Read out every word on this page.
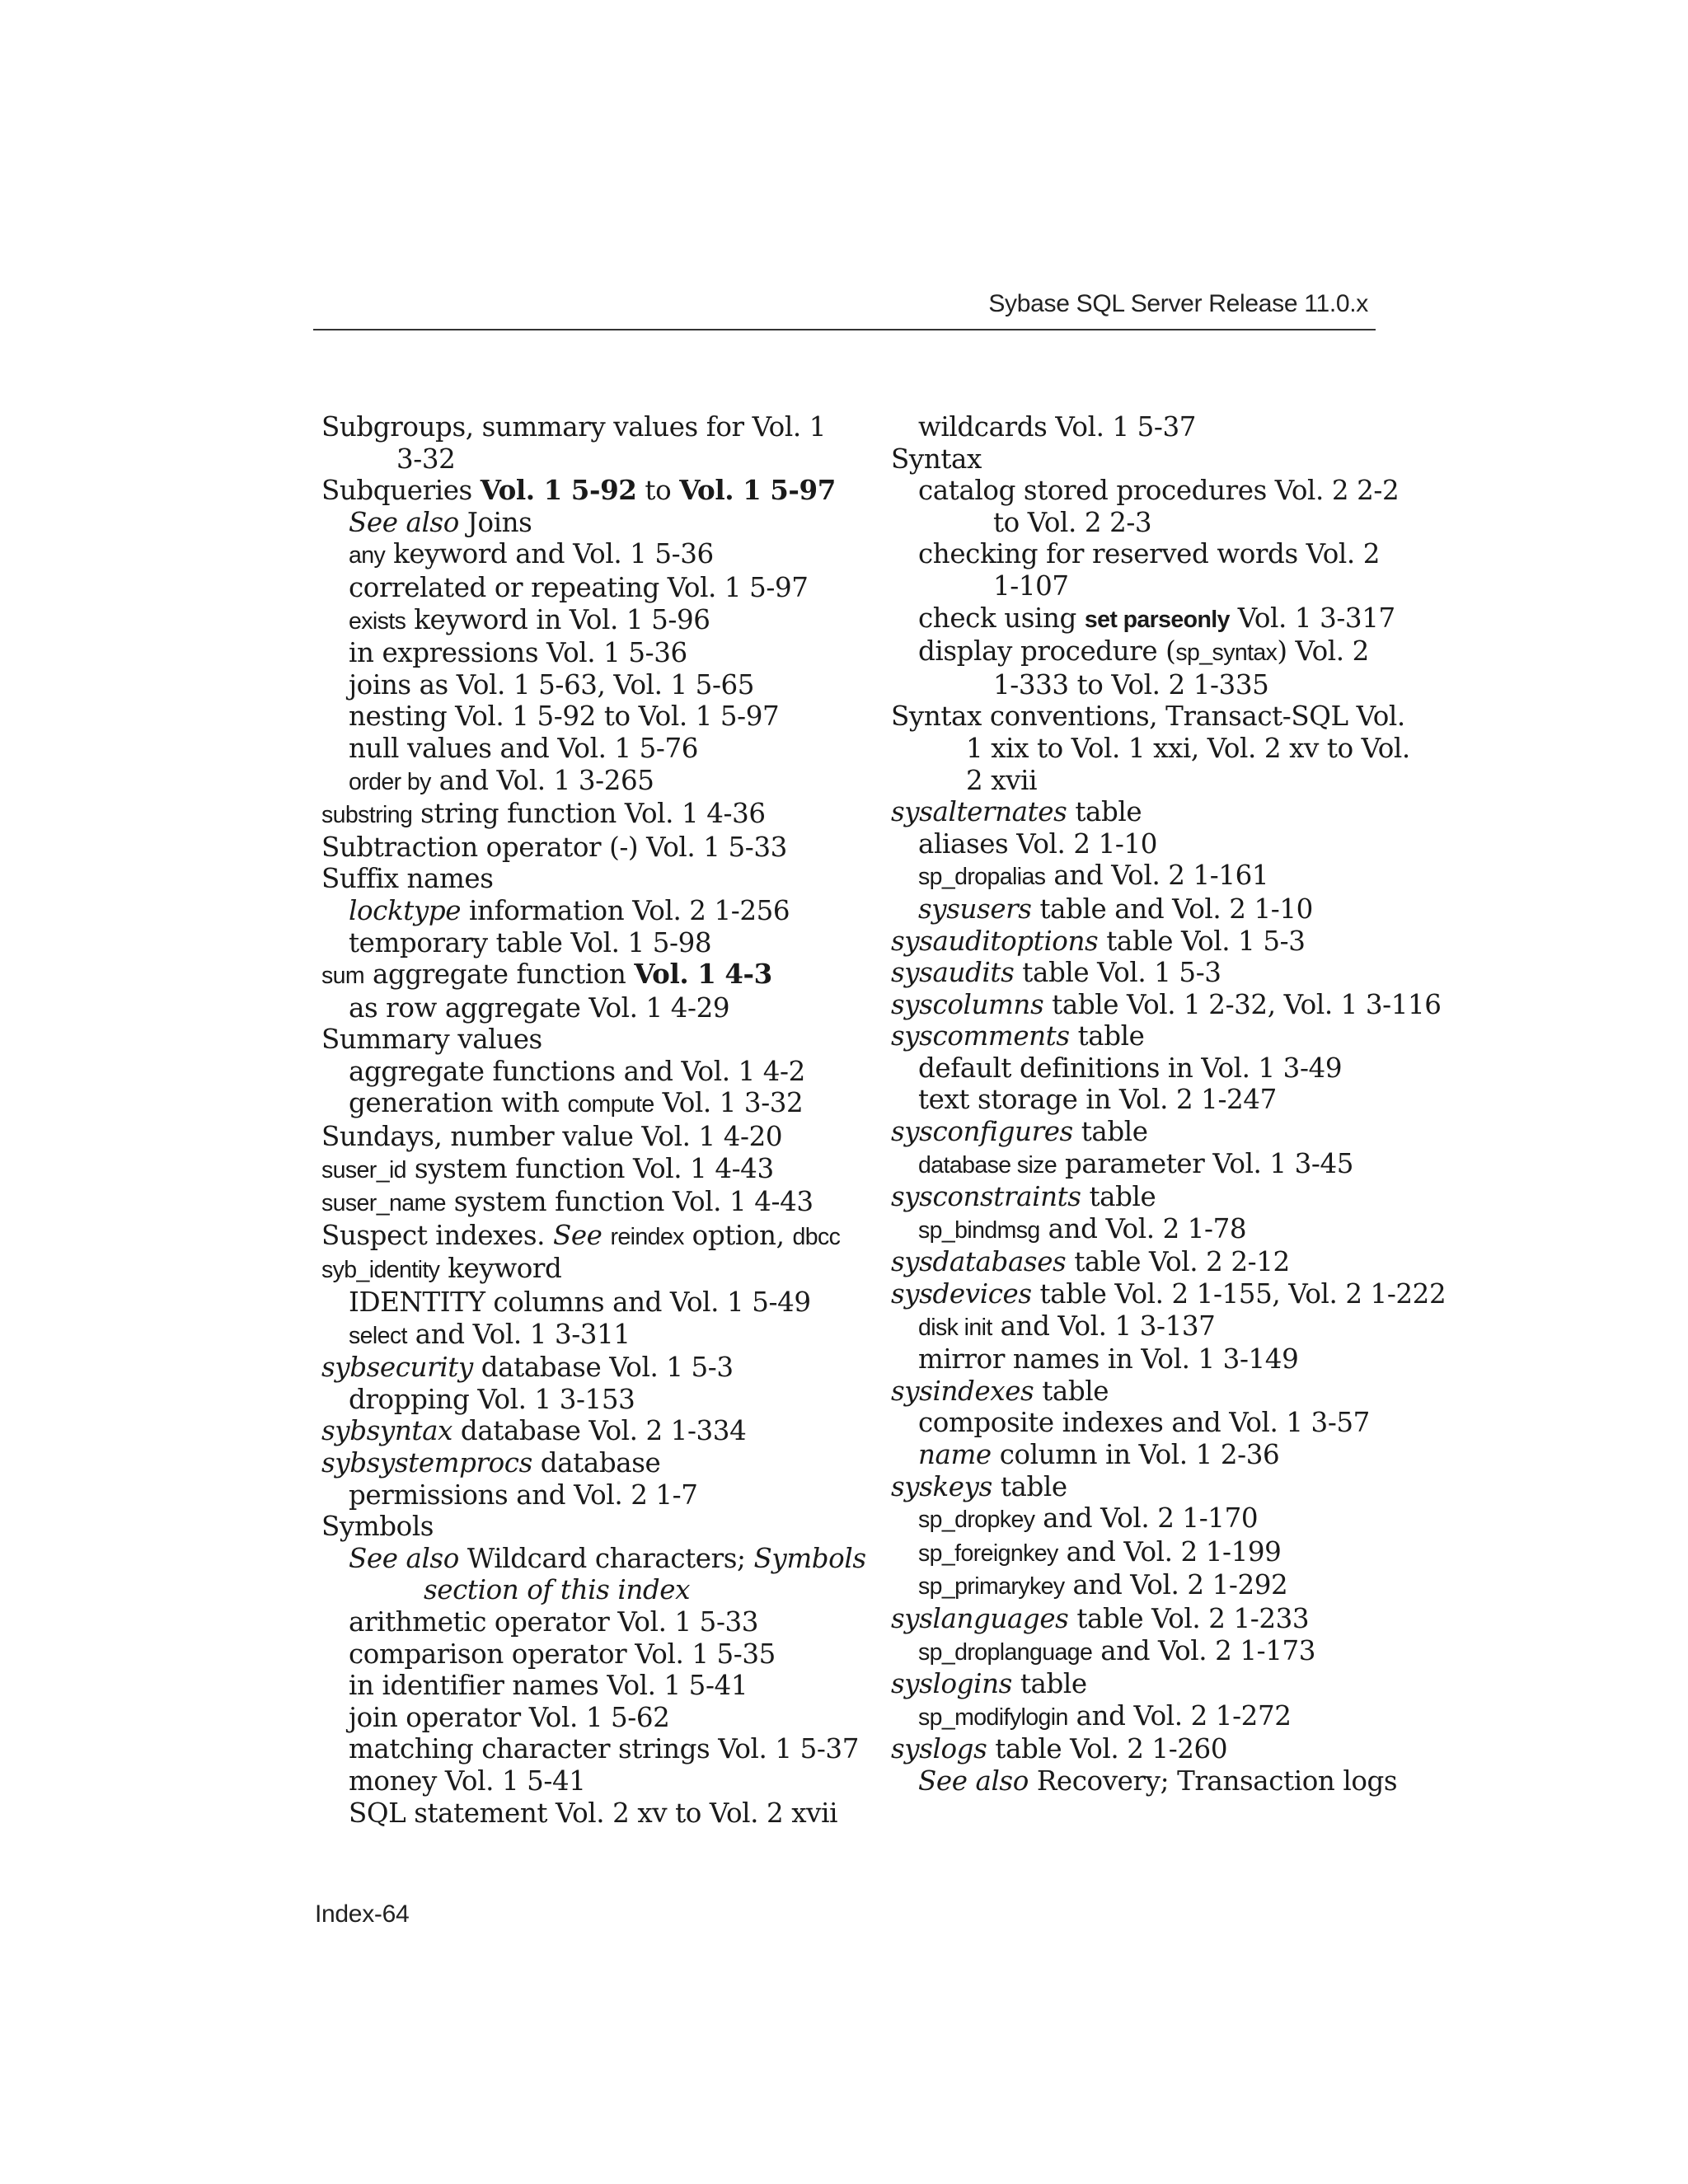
Sybase SQL Server Release 11.0.x
Subgroups, summary values for Vol. 1
3-32
Subqueries Vol. 1 5-92 to Vol. 1 5-97
See also Joins
any keyword and Vol. 1 5-36
correlated or repeating Vol. 1 5-97
exists keyword in Vol. 1 5-96
in expressions Vol. 1 5-36
joins as Vol. 1 5-63, Vol. 1 5-65
nesting Vol. 1 5-92 to Vol. 1 5-97
null values and Vol. 1 5-76
order by and Vol. 1 3-265
substring string function Vol. 1 4-36
Subtraction operator (-) Vol. 1 5-33
Suffix names
locktype information Vol. 2 1-256
temporary table Vol. 1 5-98
sum aggregate function Vol. 1 4-3
as row aggregate Vol. 1 4-29
Summary values
aggregate functions and Vol. 1 4-2
generation with compute Vol. 1 3-32
Sundays, number value Vol. 1 4-20
suser_id system function Vol. 1 4-43
suser_name system function Vol. 1 4-43
Suspect indexes. See reindex option, dbcc
syb_identity keyword
IDENTITY columns and Vol. 1 5-49
select and Vol. 1 3-311
sybsecurity database Vol. 1 5-3
dropping Vol. 1 3-153
sybsyntax database Vol. 2 1-334
sybsystemprocs database
permissions and Vol. 2 1-7
Symbols
See also Wildcard characters; Symbols
section of this index
arithmetic operator Vol. 1 5-33
comparison operator Vol. 1 5-35
in identifier names Vol. 1 5-41
join operator Vol. 1 5-62
matching character strings Vol. 1 5-37
money Vol. 1 5-41
SQL statement Vol. 2 xv to Vol. 2 xvii
wildcards Vol. 1 5-37
Syntax
catalog stored procedures Vol. 2 2-2
to Vol. 2 2-3
checking for reserved words Vol. 2
1-107
check using set parseonly Vol. 1 3-317
display procedure (sp_syntax) Vol. 2
1-333 to Vol. 2 1-335
Syntax conventions, Transact-SQL Vol.
1 xix to Vol. 1 xxi, Vol. 2 xv to Vol.
2 xvii
sysalternates table
aliases Vol. 2 1-10
sp_dropalias and Vol. 2 1-161
sysusers table and Vol. 2 1-10
sysauditoptions table Vol. 1 5-3
sysaudits table Vol. 1 5-3
syscolumns table Vol. 1 2-32, Vol. 1 3-116
syscomments table
default definitions in Vol. 1 3-49
text storage in Vol. 2 1-247
sysconfigures table
database size parameter Vol. 1 3-45
sysconstraints table
sp_bindmsg and Vol. 2 1-78
sysdatabases table Vol. 2 2-12
sysdevices table Vol. 2 1-155, Vol. 2 1-222
disk init and Vol. 1 3-137
mirror names in Vol. 1 3-149
sysindexes table
composite indexes and Vol. 1 3-57
name column in Vol. 1 2-36
syskeys table
sp_dropkey and Vol. 2 1-170
sp_foreignkey and Vol. 2 1-199
sp_primarykey and Vol. 2 1-292
syslanguages table Vol. 2 1-233
sp_droplanguage and Vol. 2 1-173
syslogins table
sp_modifylogin and Vol. 2 1-272
syslogs table Vol. 2 1-260
See also Recovery; Transaction logs
Index-64
